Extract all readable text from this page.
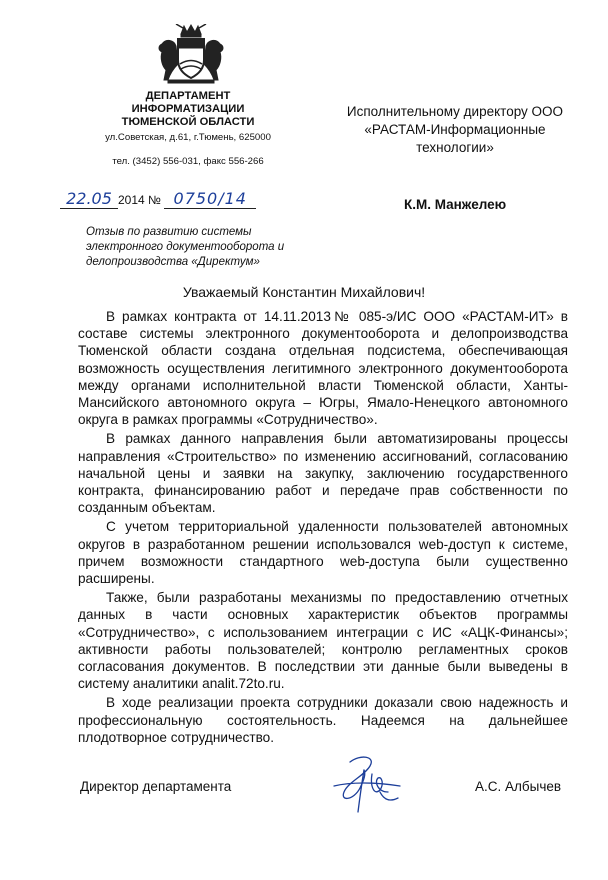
ДЕПАРТАМЕНТ
ИНФОРМАТИЗАЦИИ
ТЮМЕНСКОЙ ОБЛАСТИ
ул.Советская, д.61, г.Тюмень, 625000
тел. (3452) 556-031, факс 556-266
Исполнительному директору ООО
«РАСТАМ-Информационные
технологии»
22.05 2014 № 0750/14	К.М. Манжелею
Отзыв по развитию системы электронного документооборота и делопроизводства «Директум»
Уважаемый Константин Михайлович!

В рамках контракта от 14.11.2013№ 085-э/ИС ООО «РАСТАМ-ИТ» в составе системы электронного документооборота и делопроизводства Тюменской области создана отдельная подсистема, обеспечивающая возможность осуществления легитимного электронного документооборота между органами исполнительной власти Тюменской области, Ханты-Мансийского автономного округа – Югры, Ямало-Ненецкого автономного округа в рамках программы «Сотрудничество».

В рамках данного направления были автоматизированы процессы направления «Строительство» по изменению ассигнований, согласованию начальной цены и заявки на закупку, заключению государственного контракта, финансированию работ и передаче прав собственности по созданным объектам.

С учетом территориальной удаленности пользователей автономных округов в разработанном решении использовался web-доступ к системе, причем возможности стандартного web-доступа были существенно расширены.

Также, были разработаны механизмы по предоставлению отчетных данных в части основных характеристик объектов программы «Сотрудничество», с использованием интеграции с ИС «АЦК-Финансы»; активности работы пользователей; контролю регламентных сроков согласования документов. В последствии эти данные были выведены в систему аналитики analit.72to.ru.

В ходе реализации проекта сотрудники доказали свою надежность и профессиональную состоятельность. Надеемся на дальнейшее плодотворное сотрудничество.

Директор департамента	А.С. Албычев
